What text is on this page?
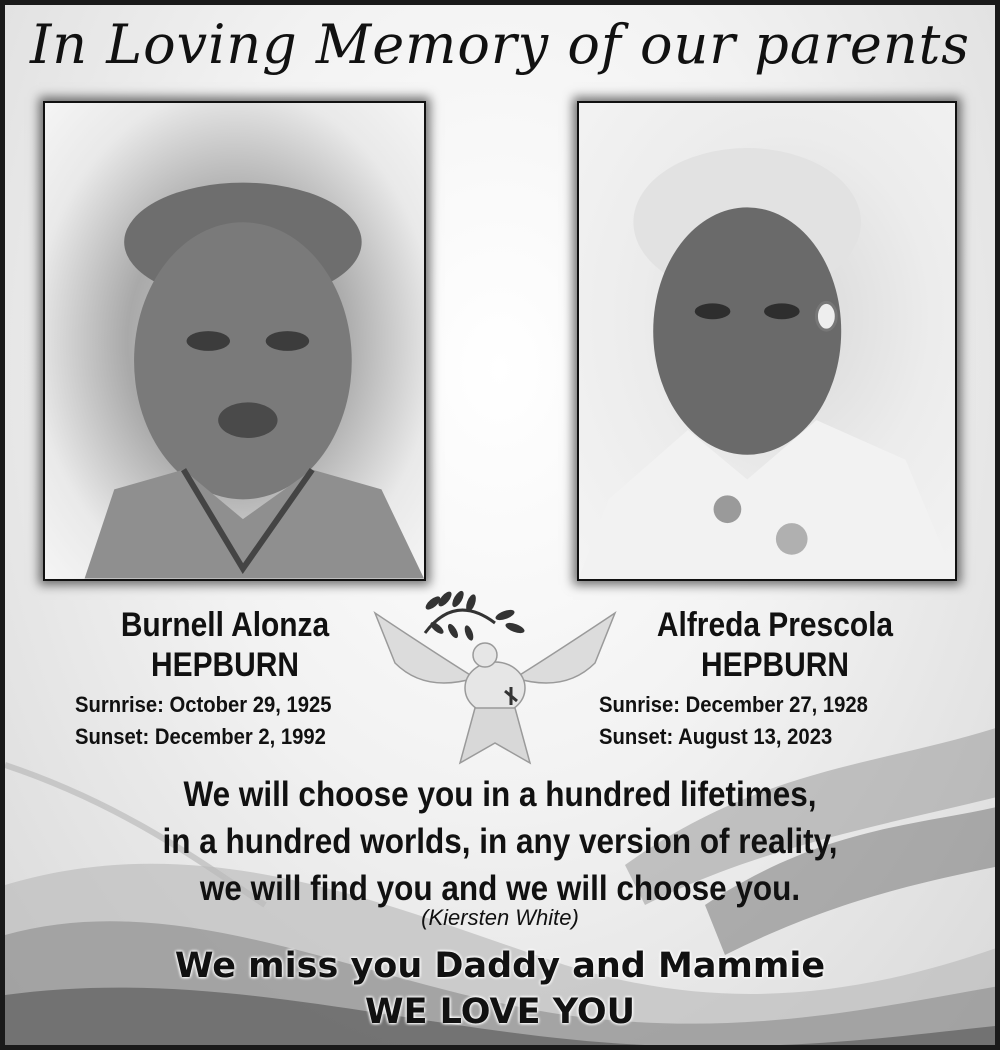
In Loving Memory of our parents
Burnell Alonza
HEPBURN
Surnrise: October 29, 1925
Sunset: December 2, 1992
Alfreda Prescola
HEPBURN
Sunrise: December 27, 1928
Sunset: August 13, 2023
We will choose you in a hundred lifetimes,
in a hundred worlds, in any version of reality,
we will find you and we will choose you.
(Kiersten White)
We miss you Daddy and Mammie
WE LOVE YOU
